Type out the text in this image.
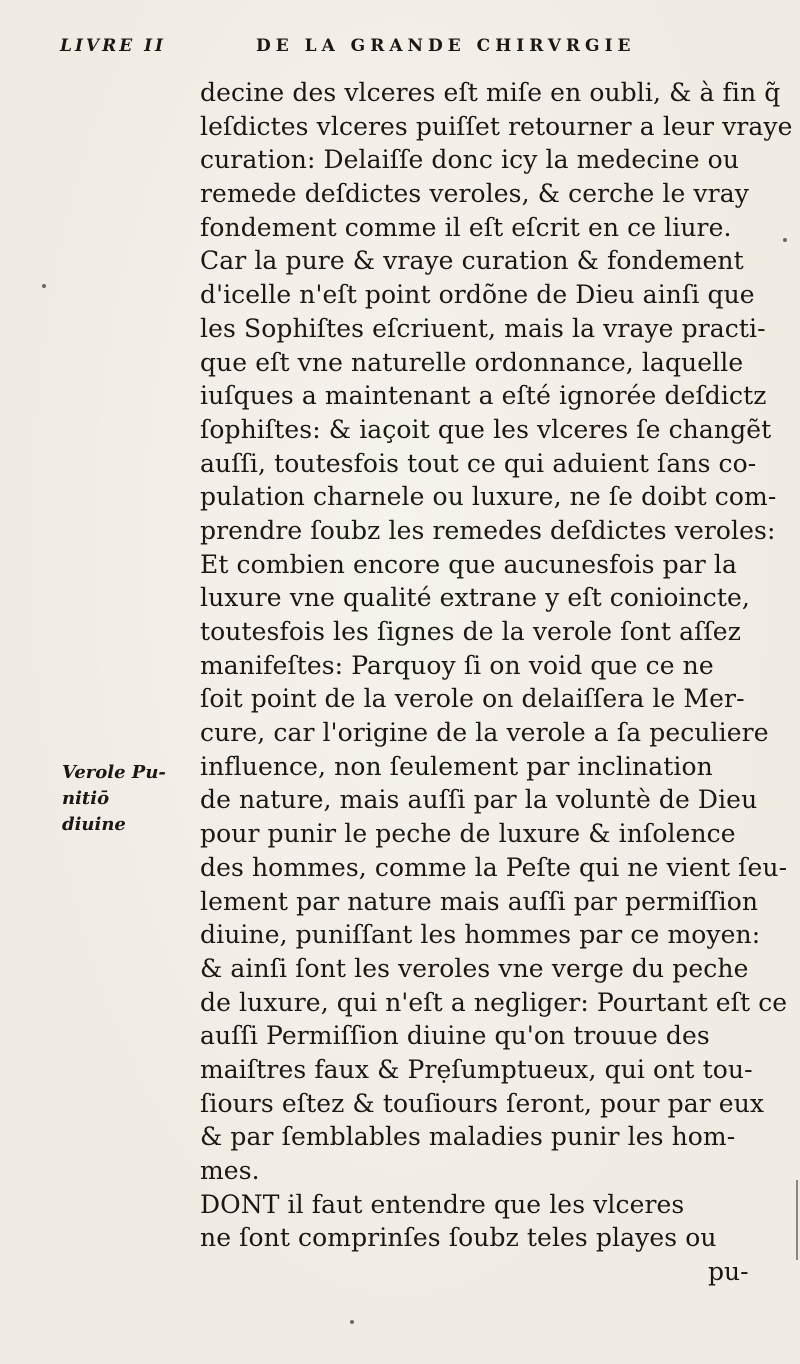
LIVRE II	DE LA GRANDE CHIRVRGIE
Verole Pu-
nitiō diuine
decine des vlceres eſt miſe en oubli, & à fin q̃
leſdictes vlceres puiſſet retourner a leur vraye
curation: Delaiſſe donc icy la medecine ou
remede deſdictes veroles, & cerche le vray
fondement comme il eſt eſcrit en ce liure.
Car la pure & vraye curation & fondement
d'icelle n'eſt point ordõne de Dieu ainſi que
les Sophiſtes eſcriuent, mais la vraye practi-
que eſt vne naturelle ordonnance, laquelle
iuſques a maintenant a eſté ignorée deſdictz
ſophiſtes: & iaçoit que les vlceres ſe changẽt
auſſi, toutesfois tout ce qui aduient ſans co-
pulation charnele ou luxure, ne ſe doibt com-
prendre ſoubz les remedes deſdictes veroles:
Et combien encore que aucunesfois par la
luxure vne qualité extrane y eſt conioincte,
toutesfois les ſignes de la verole ſont aſſez
manifeſtes: Parquoy ſi on void que ce ne
ſoit point de la verole on delaiſſera le Mer-
cure, car l'origine de la verole a ſa peculiere
influence, non ſeulement par inclination
de nature, mais auſſi par la voluntè de Dieu
pour punir le peche de luxure & inſolence
des hommes, comme la Peſte qui ne vient ſeu-
lement par nature mais auſſi par permiſſion
diuine, puniſſant les hommes par ce moyen:
& ainſi ſont les veroles vne verge du peche
de luxure, qui n'eſt a negliger: Pourtant eſt ce
auſſi Permiſſion diuine qu'on trouue des
maiſtres faux & Prẹſumptueux, qui ont tou-
ſiours eſtez & touſiours ſeront, pour par eux
& par ſemblables maladies punir les hom-
mes.
DONT il faut entendre que les vlceres
ne ſont comprinſes ſoubz teles playes ou
pu-
